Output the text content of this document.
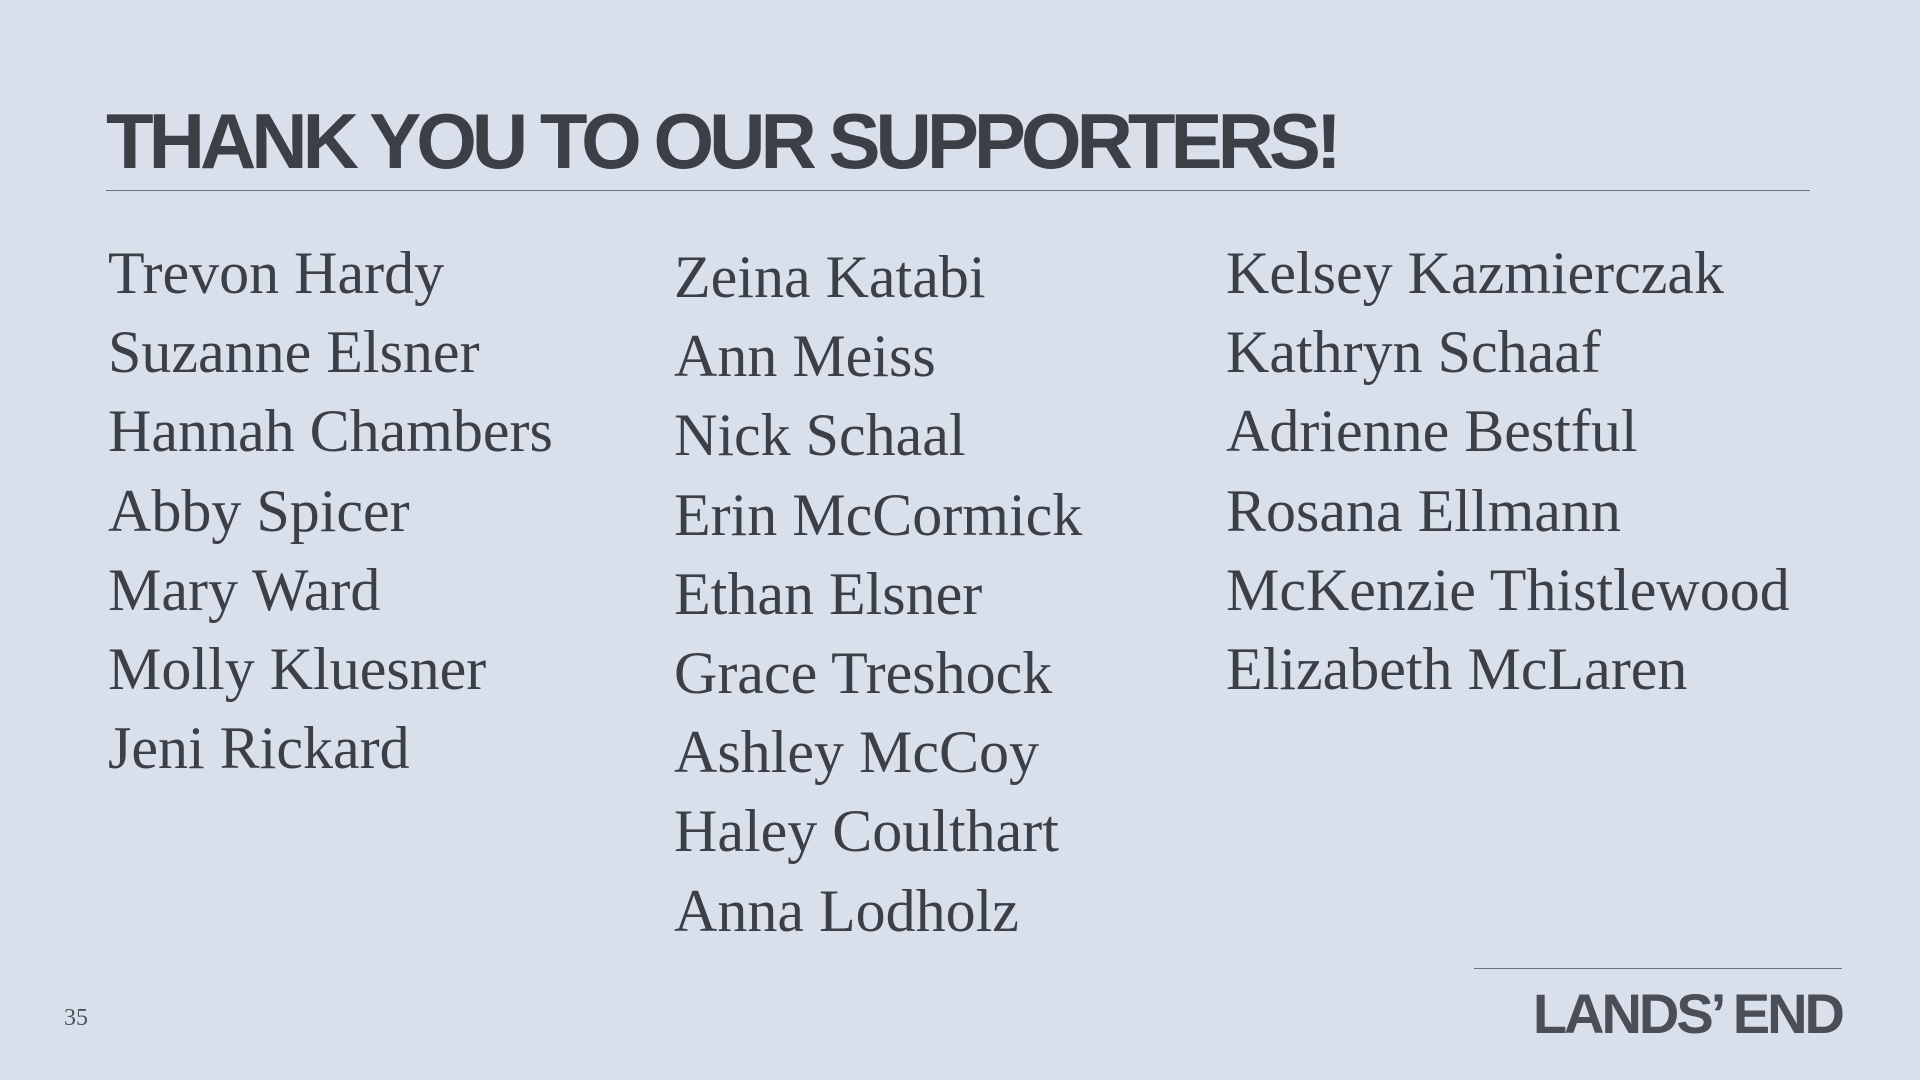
THANK YOU TO OUR SUPPORTERS!
Trevon Hardy
Suzanne Elsner
Hannah Chambers
Abby Spicer
Mary Ward
Molly Kluesner
Jeni Rickard
Zeina Katabi
Ann Meiss
Nick Schaal
Erin McCormick
Ethan Elsner
Grace Treshock
Ashley McCoy
Haley Coulthart
Anna Lodholz
Kelsey Kazmierczak
Kathryn Schaaf
Adrienne Bestful
Rosana Ellmann
McKenzie Thistlewood
Elizabeth McLaren
35	LANDS’ END
